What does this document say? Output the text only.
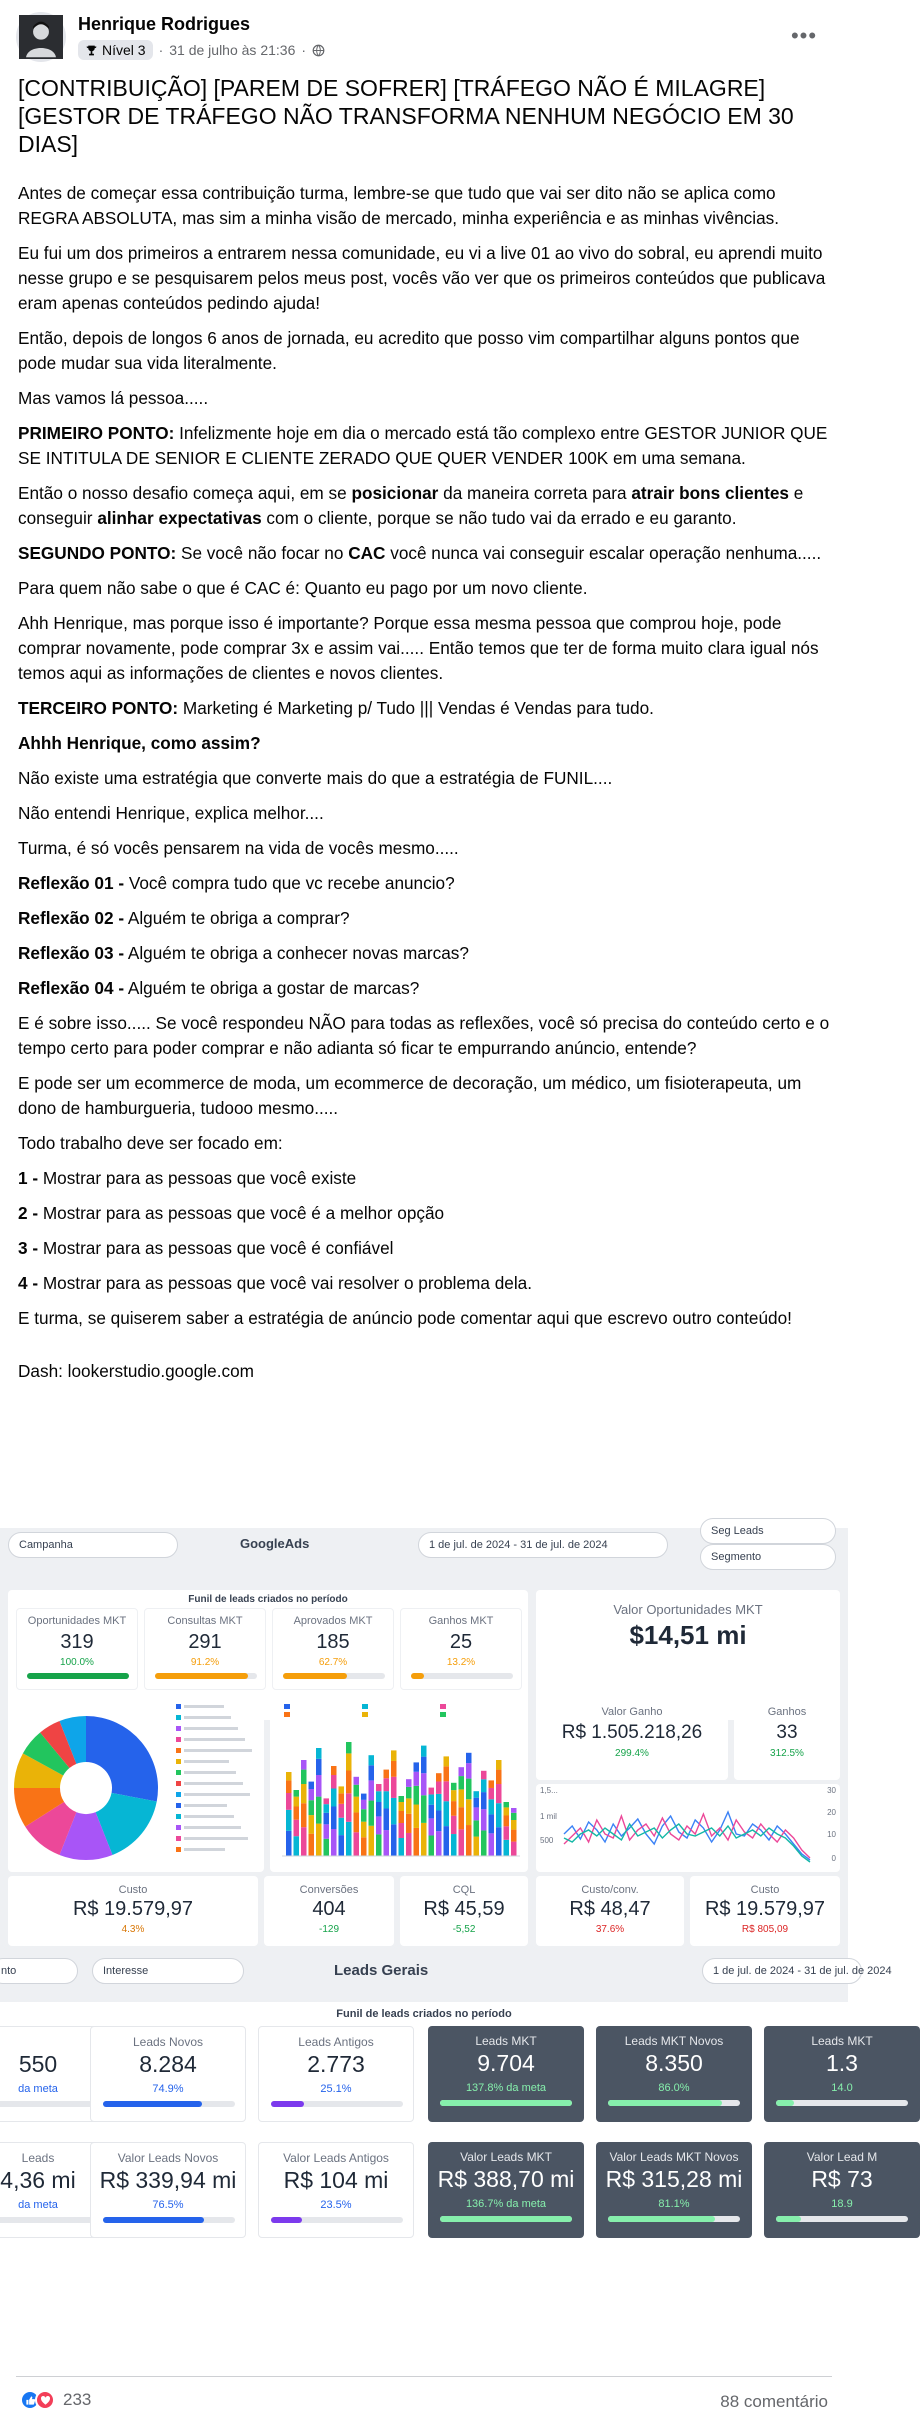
Henrique Rodrigues
Nível 3 · 31 de julho às 21:36 ·
•••
[CONTRIBUIÇÃO] [PAREM DE SOFRER] [TRÁFEGO NÃO É MILAGRE] [GESTOR DE TRÁFEGO NÃO TRANSFORMA NENHUM NEGÓCIO EM 30 DIAS]

Antes de começar essa contribuição turma, lembre-se que tudo que vai ser dito não se aplica como REGRA ABSOLUTA, mas sim a minha visão de mercado, minha experiência e as minhas vivências.

Eu fui um dos primeiros a entrarem nessa comunidade, eu vi a live 01 ao vivo do sobral, eu aprendi muito nesse grupo e se pesquisarem pelos meus post, vocês vão ver que os primeiros conteúdos que publicava eram apenas conteúdos pedindo ajuda!

Então, depois de longos 6 anos de jornada, eu acredito que posso vim compartilhar alguns pontos que pode mudar sua vida literalmente.

Mas vamos lá pessoa.....

PRIMEIRO PONTO: Infelizmente hoje em dia o mercado está tão complexo entre GESTOR JUNIOR QUE SE INTITULA DE SENIOR E CLIENTE ZERADO QUE QUER VENDER 100K em uma semana.

Então o nosso desafio começa aqui, em se posicionar da maneira correta para atrair bons clientes e conseguir alinhar expectativas com o cliente, porque se não tudo vai da errado e eu garanto.

SEGUNDO PONTO: Se você não focar no CAC você nunca vai conseguir escalar operação nenhuma.....

Para quem não sabe o que é CAC é: Quanto eu pago por um novo cliente.

Ahh Henrique, mas porque isso é importante? Porque essa mesma pessoa que comprou hoje, pode comprar novamente, pode comprar 3x e assim vai..... Então temos que ter de forma muito clara igual nós temos aqui as informações de clientes e novos clientes.

TERCEIRO PONTO: Marketing é Marketing p/ Tudo ||| Vendas é Vendas para tudo.

Ahhh Henrique, como assim?

Não existe uma estratégia que converte mais do que a estratégia de FUNIL....

Não entendi Henrique, explica melhor....

Turma, é só vocês pensarem na vida de vocês mesmo.....

Reflexão 01 - Você compra tudo que vc recebe anuncio?

Reflexão 02 - Alguém te obriga a comprar?

Reflexão 03 - Alguém te obriga a conhecer novas marcas?

Reflexão 04 - Alguém te obriga a gostar de marcas?

E é sobre isso..... Se você respondeu NÃO para todas as reflexões, você só precisa do conteúdo certo e o tempo certo para poder comprar e não adianta só ficar te empurrando anúncio, entende?

E pode ser um ecommerce de moda, um ecommerce de decoração, um médico, um fisioterapeuta, um dono de hamburgueria, tudooo mesmo.....

Todo trabalho deve ser focado em:

1 - Mostrar para as pessoas que você existe

2 - Mostrar para as pessoas que você é a melhor opção

3 - Mostrar para as pessoas que você é confiável

4 - Mostrar para as pessoas que você vai resolver o problema dela.

E turma, se quiserem saber a estratégia de anúncio pode comentar aqui que escrevo outro conteúdo!

Dash: lookerstudio.google.com

Campanha	GoogleAds	1 de jul. de 2024 - 31 de jul. de 2024
Seg Leads
Segmento
Funil de leads criados no período
Oportunidades MKT
319
100.0%
Consultas MKT
291
91.2%
Aprovados MKT
185
62.7%
Ganhos MKT
25
13.2%
Valor Oportunidades MKT
$14,51 mi
Valor Ganho
R$ 1.505.218,26
299.4%
Ganhos
33
312.5%
1,5...
1 mil
500
30
20
10
0
Custo
R$ 19.579,97
4.3%
Conversões
404
-129
CQL
R$ 45,59
-5,52
Custo/conv.
R$ 48,47
37.6%
Custo
R$ 19.579,97
R$ 805,09
nto	Interesse	Leads Gerais	1 de jul. de 2024 - 31 de jul. de 2024
Funil de leads criados no período
550
da meta
Leads Novos
8.284
74.9%
Leads Antigos
2.773
25.1%
Leads MKT
9.704
137.8% da meta
Leads MKT Novos
8.350
86.0%
Leads MKT
1.3
14.0
Leads
4,36 mi
da meta
Valor Leads Novos
R$ 339,94 mi
76.5%
Valor Leads Antigos
R$ 104 mi
23.5%
Valor Leads MKT
R$ 388,70 mi
136.7% da meta
Valor Leads MKT Novos
R$ 315,28 mi
81.1%
Valor Lead M
R$ 73
18.9
233	88 comentário
